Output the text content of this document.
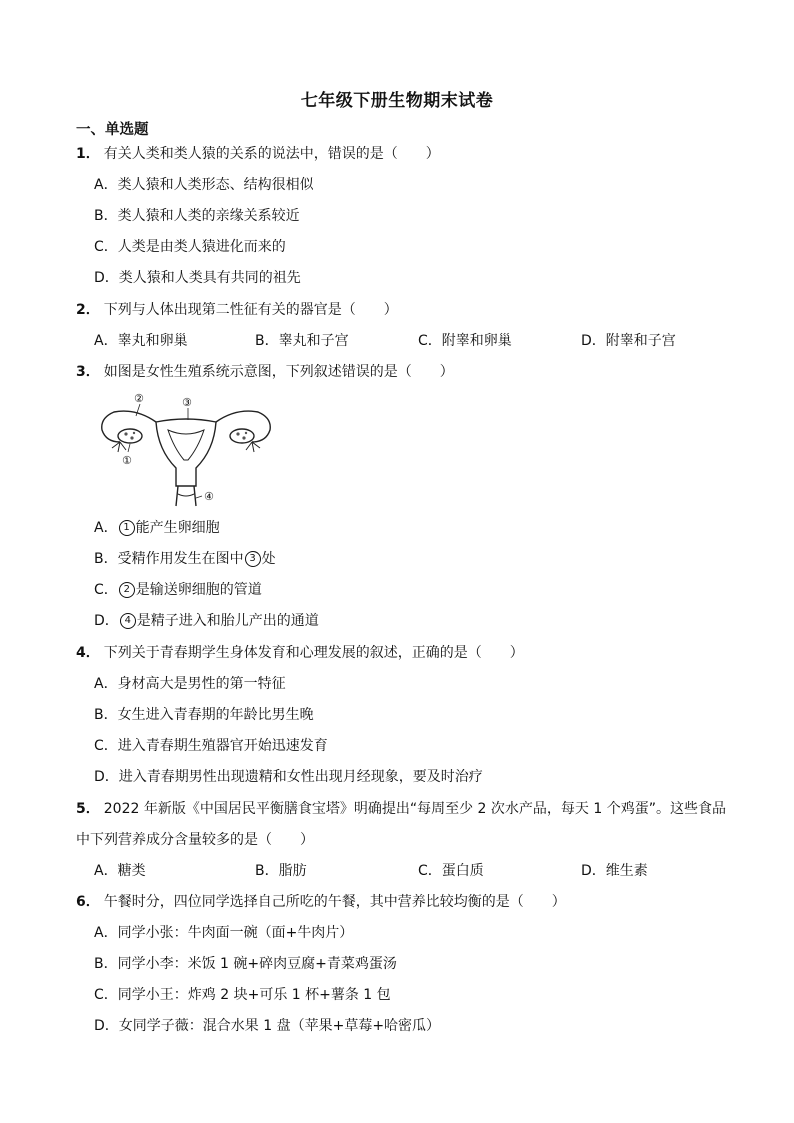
七年级下册生物期末试卷
一、单选题
1． 有关人类和类人猿的关系的说法中，错误的是（　　）
A．类人猿和人类形态、结构很相似
B．类人猿和人类的亲缘关系较近
C．人类是由类人猿进化而来的
D．类人猿和人类具有共同的祖先
2． 下列与人体出现第二性征有关的器官是（　　）
A．睾丸和卵巢	B．睾丸和子宫	C．附睾和卵巢	D．附睾和子宫
3． 如图是女性生殖系统示意图，下列叙述错误的是（　　）
②	③
①
④
A． 1 能产生卵细胞
B．受精作用发生在图中 3 处
C． 2 是输送卵细胞的管道
D． 4 是精子进入和胎儿产出的通道
4． 下列关于青春期学生身体发育和心理发展的叙述，正确的是（　　）
A．身材高大是男性的第一特征
B．女生进入青春期的年龄比男生晚
C．进入青春期生殖器官开始迅速发育
D．进入青春期男性出现遗精和女性出现月经现象，要及时治疗
5． 2022 年新版《中国居民平衡膳食宝塔》明确提出“每周至少 2 次水产品，每天 1 个鸡蛋”。这些食品
中下列营养成分含量较多的是（　　）
A．糖类	B．脂肪	C．蛋白质	D．维生素
6． 午餐时分，四位同学选择自己所吃的午餐，其中营养比较均衡的是（　　）
A．同学小张：牛肉面一碗（面+牛肉片）
B．同学小李：米饭 1 碗+碎肉豆腐+青菜鸡蛋汤
C．同学小王：炸鸡 2 块+可乐 1 杯+薯条 1 包
D．女同学子薇：混合水果 1 盘（苹果+草莓+哈密瓜）
